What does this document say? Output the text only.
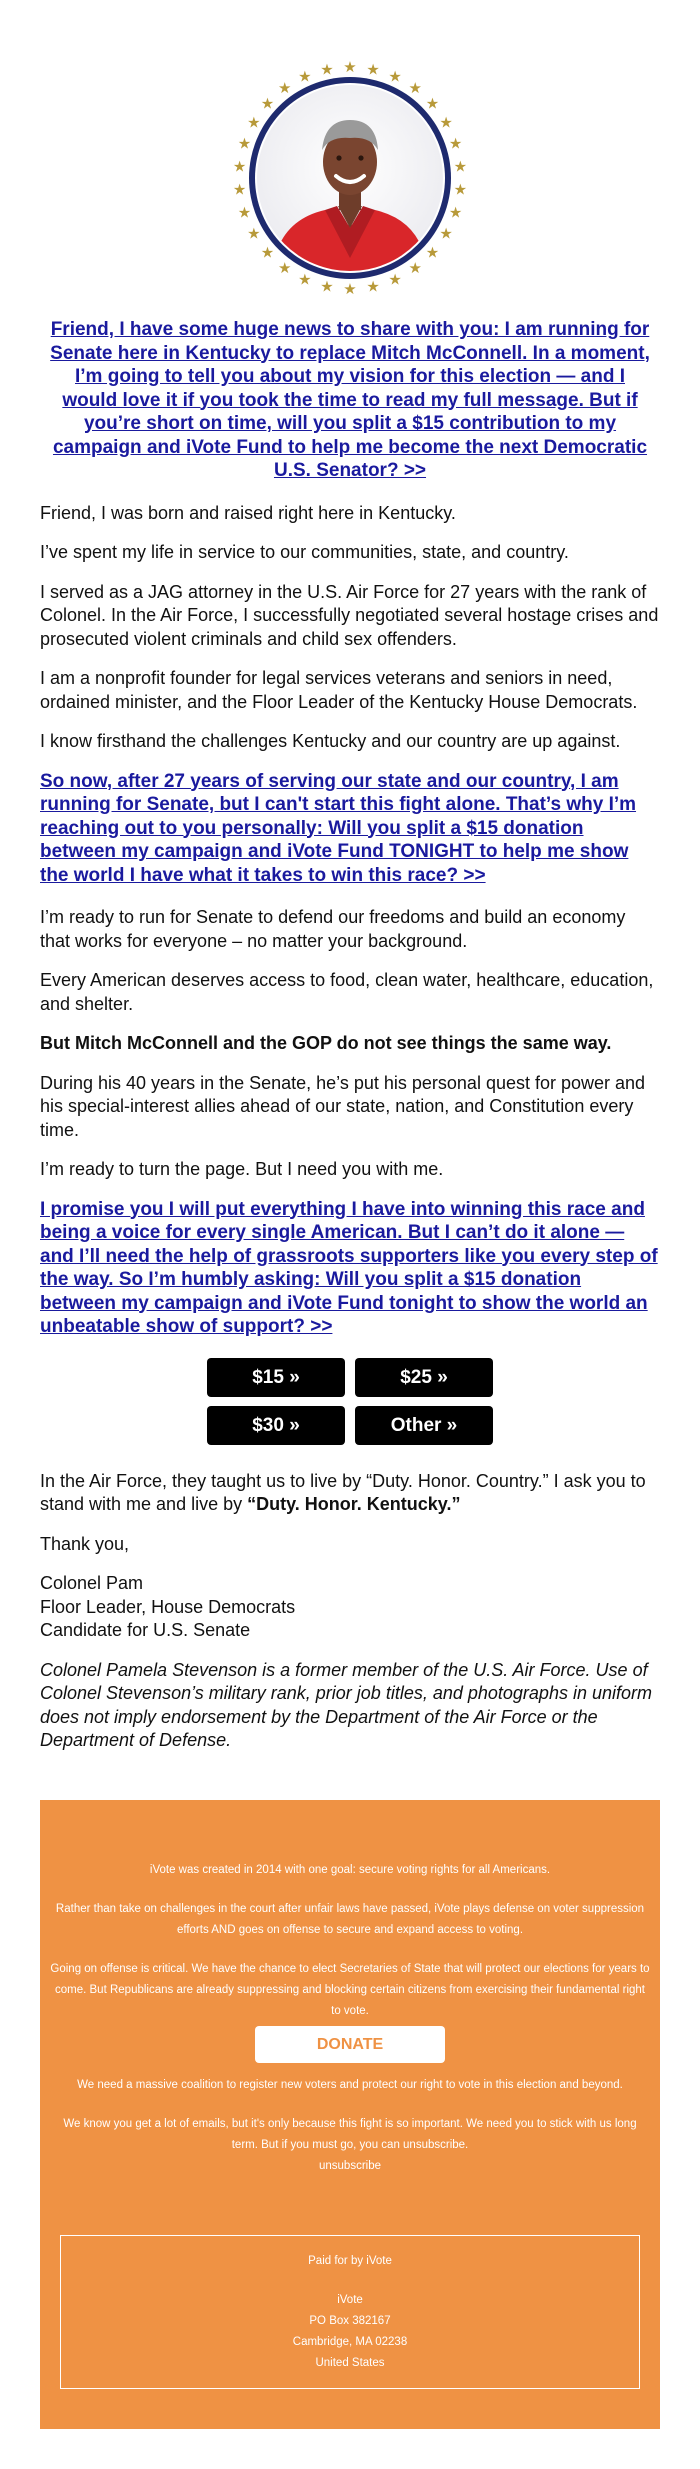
★ ★ ★
★
★
★
★
★
★
★
★
★
★
★
★
★
★
★
★
★
★
★
★
★
★
★
★
★
★ ★
Friend, I have some huge news to share with you: I am running for Senate here in Kentucky to replace Mitch McConnell. In a moment, I’m going to tell you about my vision for this election — and I would love it if you took the time to read my full message. But if you’re short on time, will you split a $15 contribution to my campaign and iVote Fund to help me become the next Democratic U.S. Senator? >>

Friend, I was born and raised right here in Kentucky.

I’ve spent my life in service to our communities, state, and country.

I served as a JAG attorney in the U.S. Air Force for 27 years with the rank of Colonel. In the Air Force, I successfully negotiated several hostage crises and prosecuted violent criminals and child sex offenders.

I am a nonprofit founder for legal services veterans and seniors in need, ordained minister, and the Floor Leader of the Kentucky House Democrats.

I know firsthand the challenges Kentucky and our country are up against.

So now, after 27 years of serving our state and our country, I am running for Senate, but I can't start this fight alone. That’s why I’m reaching out to you personally: Will you split a $15 donation between my campaign and iVote Fund TONIGHT to help me show the world I have what it takes to win this race? >>

I’m ready to run for Senate to defend our freedoms and build an economy that works for everyone – no matter your background.

Every American deserves access to food, clean water, healthcare, education, and shelter.

But Mitch McConnell and the GOP do not see things the same way.

During his 40 years in the Senate, he’s put his personal quest for power and his special-interest allies ahead of our state, nation, and Constitution every time.

I’m ready to turn the page. But I need you with me.

I promise you I will put everything I have into winning this race and being a voice for every single American. But I can’t do it alone — and I’ll need the help of grassroots supporters like you every step of the way. So I’m humbly asking: Will you split a $15 donation between my campaign and iVote Fund tonight to show the world an unbeatable show of support? >>
$15 »	$25 »
$30 »	Other »

In the Air Force, they taught us to live by “Duty. Honor. Country.” I ask you to stand with me and live by “Duty. Honor. Kentucky.”

Thank you,

Colonel Pam
Floor Leader, House Democrats
Candidate for U.S. Senate

Colonel Pamela Stevenson is a former member of the U.S. Air Force. Use of Colonel Stevenson’s military rank, prior job titles, and photographs in uniform does not imply endorsement by the Department of the Air Force or the Department of Defense.

iVote was created in 2014 with one goal: secure voting rights for all Americans.
Rather than take on challenges in the court after unfair laws have passed, iVote plays defense on voter suppression efforts AND goes on offense to secure and expand access to voting.
Going on offense is critical. We have the chance to elect Secretaries of State that will protect our elections for years to come. But Republicans are already suppressing and blocking certain citizens from exercising their fundamental right to vote.
DONATE
We need a massive coalition to register new voters and protect our right to vote in this election and beyond.
We know you get a lot of emails, but it's only because this fight is so important. We need you to stick with us long term. But if you must go, you can unsubscribe.
unsubscribe
Paid for by iVote
iVote
PO Box 382167
Cambridge, MA 02238
United States
